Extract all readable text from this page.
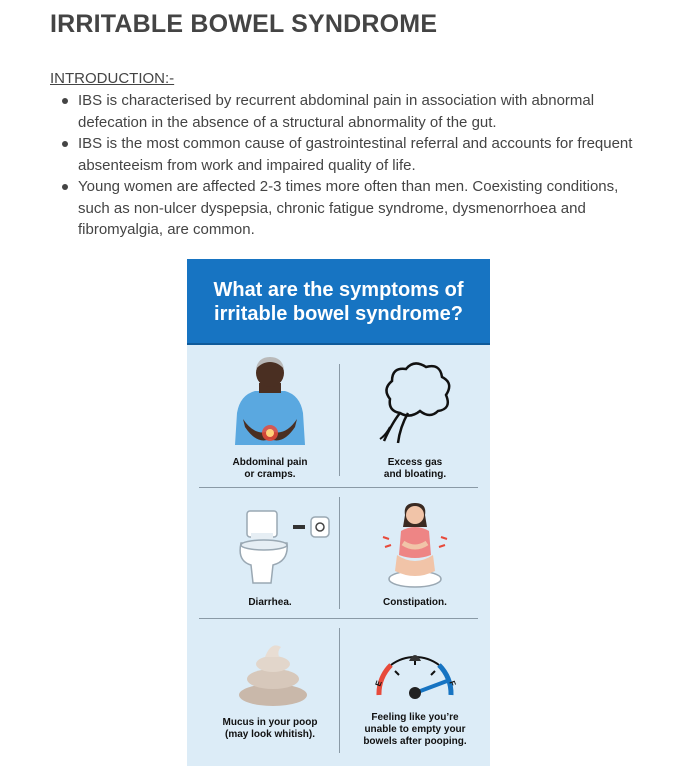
IRRITABLE BOWEL SYNDROME
INTRODUCTION:-
IBS is characterised by recurrent abdominal pain in association with abnormal defecation in the absence of a structural abnormality of the gut.
IBS is the most common cause of gastrointestinal referral and accounts for frequent absenteeism from work and impaired quality of life.
Young women are affected 2-3 times more often than men. Coexisting conditions, such as non-ulcer dyspepsia, chronic fatigue syndrome, dysmenorrhoea and fibromyalgia, are common.
What are the symptoms of
irritable bowel syndrome?
Abdominal pain
or cramps.
Excess gas
and bloating.
Diarrhea.	Constipation.
Mucus in your poop
(may look whitish).
E	F
Feeling like you’re
unable to empty your
bowels after pooping.
